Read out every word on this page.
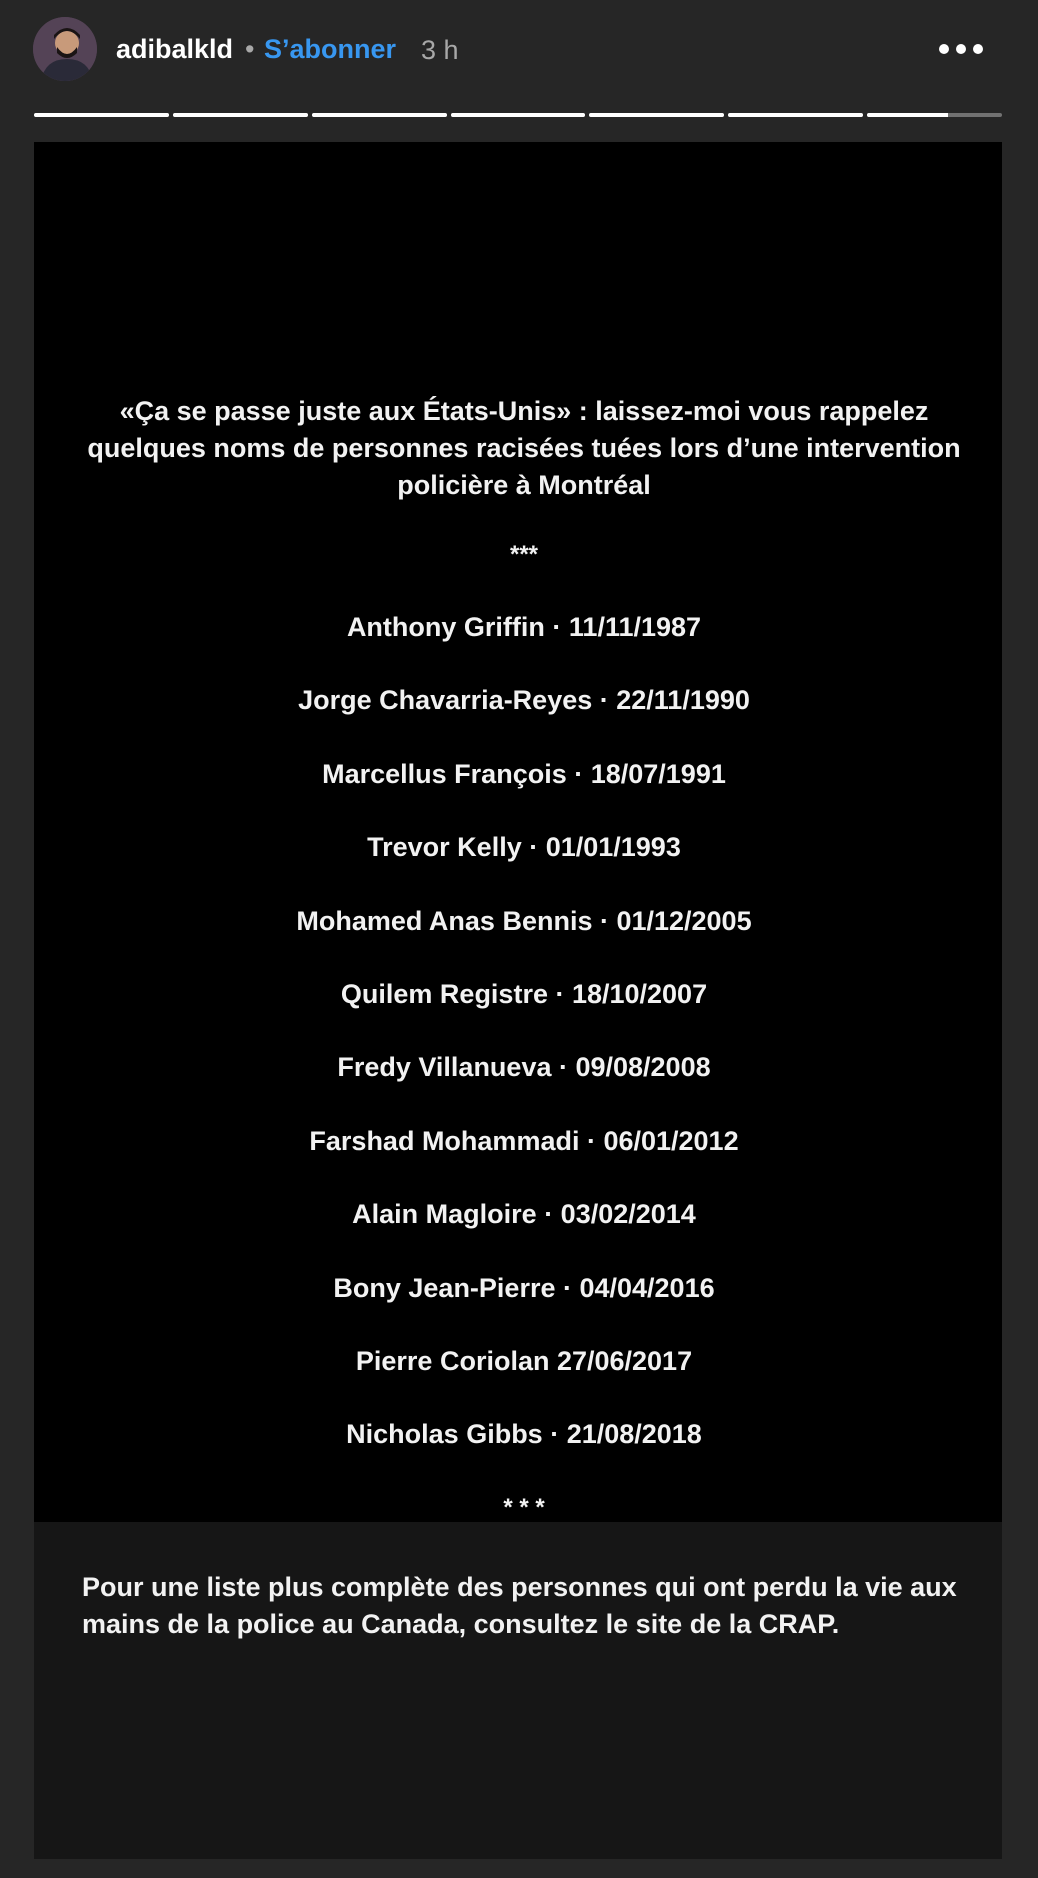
adibalkld • S’abonner 3 h
«Ça se passe juste aux États-Unis» : laissez-moi vous rappelez quelques noms de personnes racisées tuées lors d’une intervention policière à Montréal
***
Anthony Griffin · 11/11/1987
Jorge Chavarria-Reyes · 22/11/1990
Marcellus François · 18/07/1991
Trevor Kelly · 01/01/1993
Mohamed Anas Bennis · 01/12/2005
Quilem Registre · 18/10/2007
Fredy Villanueva · 09/08/2008
Farshad Mohammadi · 06/01/2012
Alain Magloire · 03/02/2014
Bony Jean-Pierre · 04/04/2016
Pierre Coriolan 27/06/2017
Nicholas Gibbs · 21/08/2018
* * *
Pour une liste plus complète des personnes qui ont perdu la vie aux mains de la police au Canada, consultez le site de la CRAP.
